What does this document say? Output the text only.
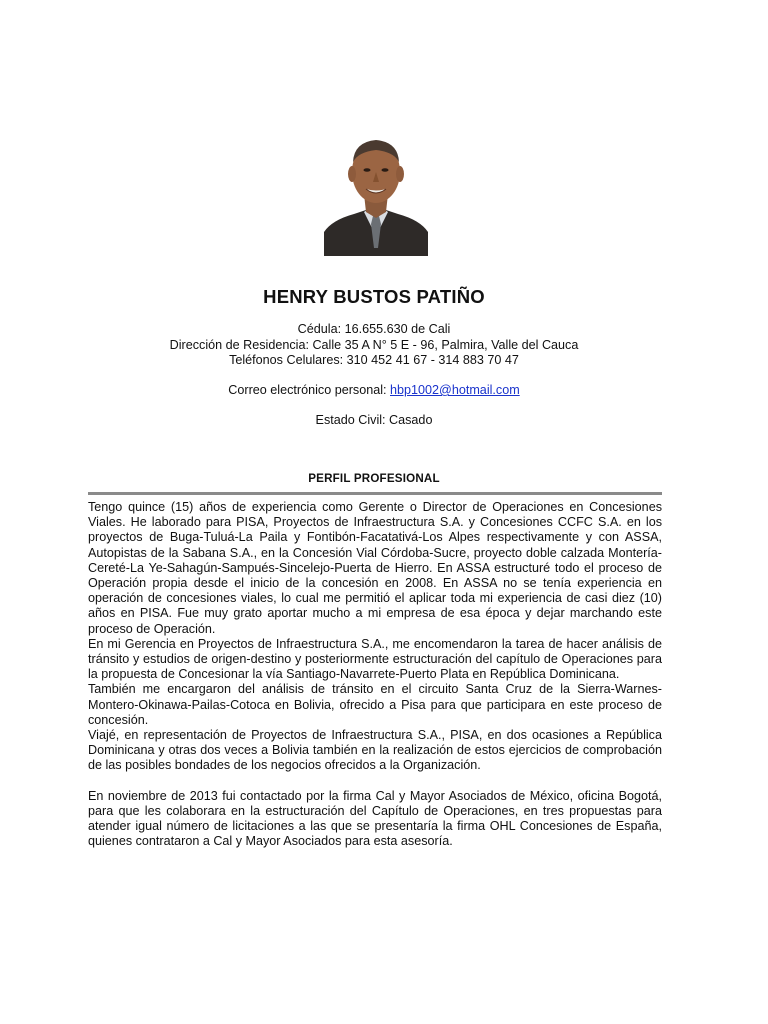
HENRY BUSTOS PATIÑO
Cédula: 16.655.630 de Cali
Dirección de Residencia: Calle 35 A N° 5 E - 96, Palmira, Valle del Cauca
Teléfonos Celulares: 310 452 41 67 - 314 883 70 47
Correo electrónico personal: hbp1002@hotmail.com
Estado Civil: Casado
PERFIL PROFESIONAL

Tengo quince (15) años de experiencia como Gerente o Director de Operaciones en Concesiones Viales. He laborado para PISA, Proyectos de Infraestructura S.A. y Concesiones CCFC S.A. en los proyectos de Buga-Tuluá-La Paila y Fontibón-Facatativá-Los Alpes respectivamente y con ASSA, Autopistas de la Sabana S.A., en la Concesión Vial Córdoba-Sucre, proyecto doble calzada Montería-Cereté-La Ye-Sahagún-Sampués-Sincelejo-Puerta de Hierro. En ASSA estructuré todo el proceso de Operación propia desde el inicio de la concesión en 2008. En ASSA no se tenía experiencia en operación de concesiones viales, lo cual me permitió el aplicar toda mi experiencia de casi diez (10) años en PISA. Fue muy grato aportar mucho a mi empresa de esa época y dejar marchando este proceso de Operación.

En mi Gerencia en Proyectos de Infraestructura S.A., me encomendaron la tarea de hacer análisis de tránsito y estudios de origen-destino y posteriormente estructuración del capítulo de Operaciones para la propuesta de Concesionar la vía Santiago-Navarrete-Puerto Plata en República Dominicana.

También me encargaron del análisis de tránsito en el circuito Santa Cruz de la Sierra-Warnes-Montero-Okinawa-Pailas-Cotoca en Bolivia, ofrecido a Pisa para que participara en este proceso de concesión.

Viajé, en representación de Proyectos de Infraestructura S.A., PISA, en dos ocasiones a República Dominicana y otras dos veces a Bolivia también en la realización de estos ejercicios de comprobación de las posibles bondades de los negocios ofrecidos a la Organización.

En noviembre de 2013 fui contactado por la firma Cal y Mayor Asociados de México, oficina Bogotá, para que les colaborara en la estructuración del Capítulo de Operaciones, en tres propuestas para atender igual número de licitaciones a las que se presentaría la firma OHL Concesiones de España, quienes contrataron a Cal y Mayor Asociados para esta asesoría.
